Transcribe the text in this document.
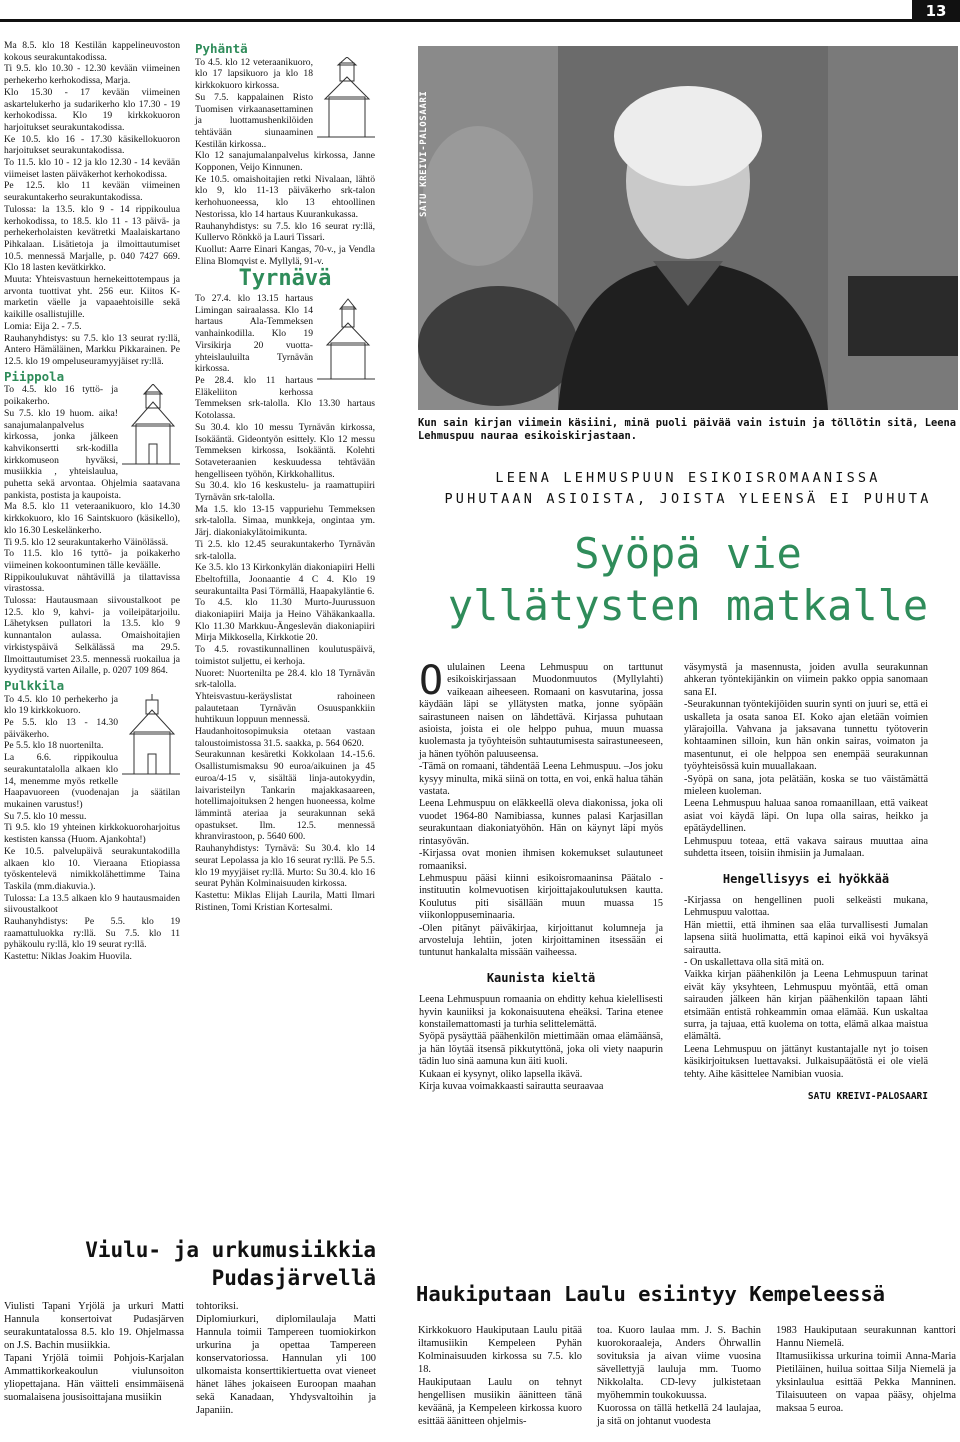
13

Ma 8.5. klo 18 Kestilän kappelineuvoston kokous seurakuntakodissa.

Ti 9.5. klo 10.30 - 12.30 kevään viimeinen perhekerho kerhokodissa, Marja.

Klo 15.30 - 17 kevään viimeinen askartelukerho ja sudarikerho klo 17.30 - 19 kerhokodissa. Klo 19 kirkkokuoron harjoitukset seurakuntakodissa.

Ke 10.5. klo 16 - 17.30 käsikellokuoron harjoitukset seurakuntakodissa.

To 11.5. klo 10 - 12 ja klo 12.30 - 14 kevään viimeiset lasten päiväkerhot kerhokodissa.

Pe 12.5. klo 11 kevään viimeinen seurakuntakerho seurakuntakodissa.

Tulossa: la 13.5. klo 9 - 14 rippikoulua kerhokodissa, to 18.5. klo 11 - 13 päivä- ja perhekerholaisten kevätretki Maalaiskartano Pihkalaan. Lisätietoja ja ilmoittautumiset 10.5. mennessä Marjalle, p. 040 7427 669. Klo 18 lasten kevätkirkko.

Muuta: Yhteisvastuun hernekeittotempaus ja arvonta tuottivat yht. 256 eur. Kiitos K-marketin väelle ja vapaaehtoisille sekä kaikille osallistujille.

Lomia: Eija 2. - 7.5.

Rauhanyhdistys: su 7.5. klo 13 seurat ry:llä, Antero Hämäläinen, Markku Pikkarainen. Pe 12.5. klo 19 ompeluseuramyyjäiset ry:llä.

Piippola

To 4.5. klo 16 tyttö- ja poikakerho.

Su 7.5. klo 19 huom. aika! sanajumalanpalvelus kirkossa, jonka jälkeen kahvikonsertti srk-kodilla kirkkomuseon hyväksi, musiikkia , yhteislaulua, puhetta sekä arvontaa. Ohjelmia saatavana pankista, postista ja kaupoista.

Ma 8.5. klo 11 veteraanikuoro, klo 14.30 kirkkokuoro, klo 16 Saintskuoro (käsikello), klo 16.30 Leskelänkerho.

Ti 9.5. klo 12 seurakuntakerho Väinölässä.

To 11.5. klo 16 tyttö- ja poikakerho viimeinen kokoontuminen tälle keväälle.

Rippikoulukuvat nähtävillä ja tilattavissa virastossa.

Tulossa: Hautausmaan siivoustalkoot pe 12.5. klo 9, kahvi- ja voileipätarjoilu. Lähetyksen pullatori la 13.5. klo 9 kunnantalon aulassa. Omaishoitajien virkistyspäivä Selkälässä ma 29.5. Ilmoittautumiset 23.5. mennessä ruokailua ja kyyditystä varten Ailalle, p. 0207 109 864.

Pulkkila

To 4.5. klo 10 perhekerho ja klo 19 kirkkokuoro.

Pe 5.5. klo 13 - 14.30 päiväkerho.

Pe 5.5. klo 18 nuortenilta.

La 6.6. rippikoulua seurakuntatalolla alkaen klo 14, menemme myös retkelle Haapavuoreen (vuodenajan ja säätilan mukainen varustus!)

Su 7.5. klo 10 messu.

Ti 9.5. klo 19 yhteinen kirkkokuoroharjoitus kestisten kanssa (Huom. Ajankohta!)

Ke 10.5. palvelupäivä seurakuntakodilla alkaen klo 10. Vieraana Etiopiassa työskentelevä nimikkolähettimme Taina Taskila (mm.diakuvia.).

Tulossa: La 13.5 alkaen klo 9 hautausmaiden siivoustalkoot

Rauhanyhdistys: Pe 5.5. klo 19 raamattuluokka ry:llä. Su 7.5. klo 11 pyhäkoulu ry:llä, klo 19 seurat ry:llä.

Kastettu: Niklas Joakim Huovila.

Pyhäntä

To 4.5. klo 12 veteraanikuoro, klo 17 lapsikuoro ja klo 18 kirkkokuoro kirkossa.

Su 7.5. kappalainen Risto Tuomisen virkaanasettaminen ja luottamushenkilöiden tehtävään siunaaminen Kestilän kirkossa..

Klo 12 sanajumalanpalvelus kirkossa, Janne Kopponen, Veijo Kinnunen.

Ke 10.5. omaishoitajien retki Nivalaan, lähtö klo 9, klo 11-13 päiväkerho srk-talon kerhohuoneessa, klo 13 ehtoollinen Nestorissa, klo 14 hartaus Kuurankukassa.

Rauhanyhdistys: su 7.5. klo 16 seurat ry:llä, Kullervo Rönkkö ja Lauri Tissari.

Kuollut: Aarre Einari Kangas, 70-v., ja Vendla Elina Blomqvist e. Myllylä, 91-v.

Tyrnävä

To 27.4. klo 13.15 hartaus Limingan sairaalassa. Klo 14 hartaus Ala-Temmeksen vanhainkodilla. Klo 19 Virsikirja 20 vuotta-yhteislauluilta Tyrnävän kirkossa.

Pe 28.4. klo 11 hartaus Eläkeliiton kerhossa Temmeksen srk-talolla. Klo 13.30 hartaus Kotolassa.

Su 30.4. klo 10 messu Tyrnävän kirkossa, Isokääntä. Gideontyön esittely. Klo 12 messu Temmeksen kirkossa, Isokääntä. Kolehti Sotaveteraanien keskuudessa tehtävään hengelliseen työhön, Kirkkohallitus.

Su 30.4. klo 16 keskustelu- ja raamattupiiri Tyrnävän srk-talolla.

Ma 1.5. klo 13-15 vappuriehu Temmeksen srk-talolla. Simaa, munkkeja, ongintaa ym. Järj. diakoniakylätoimikunta.

Ti 2.5. klo 12.45 seurakuntakerho Tyrnävän srk-talolla.

Ke 3.5. klo 13 Kirkonkylän diakoniapiiri Helli Ebeltoftilla, Joonaantie 4 C 4. Klo 19 seurakuntailta Pasi Törmällä, Haapakyläntie 6.

To 4.5. klo 11.30 Murto-Juurussuon diakoniapiiri Maija ja Heino Vähäkankaalla. Klo 11.30 Markkuu-Ängeslevän diakoniapiiri Mirja Mikkosella, Kirkkotie 20.

To 4.5. rovastikunnallinen koulutuspäivä, toimistot suljettu, ei kerhoja.

Nuoret: Nuortenilta pe 28.4. klo 18 Tyrnävän srk-talolla.

Yhteisvastuu-keräyslistat rahoineen palautetaan Tyrnävän Osuuspankkiin huhtikuun loppuun mennessä.

Haudanhoitosopimuksia otetaan vastaan taloustoimistossa 31.5. saakka, p. 564 0620.

Seurakunnan kesäretki Kokkolaan 14.-15.6. Osallistumismaksu 90 euroa/aikuinen ja 45 euroa/4-15 v, sisältää linja-autokyydin, laivaristeilyn Tankarin majakkasaareen, hotellimajoituksen 2 hengen huoneessa, kolme lämmintä ateriaa ja seurakunnan sekä opastukset. Ilm. 12.5. mennessä khranvirastoon, p. 5640 600.

Rauhanyhdistys: Tyrnävä: Su 30.4. klo 14 seurat Lepolassa ja klo 16 seurat ry:llä. Pe 5.5. klo 19 myyjäiset ry:llä. Murto: Su 30.4. klo 16 seurat Pyhän Kolminaisuuden kirkossa.

Kastettu: Miklas Elijah Laurila, Matti Ilmari Ristinen, Tomi Kristian Kortesalmi.

SATU KREIVI-PALOSAARI
Kun sain kirjan viimein käsiini, minä puoli päivää vain istuin ja töllötin sitä, Leena Lehmuspuu nauraa esikoiskirjastaan.
LEENA LEHMUSPUUN ESIKOISROMAANISSA
PUHUTAAN ASIOISTA, JOISTA YLEENSÄ EI PUHUTA
Syöpä vie
yllätysten matkalle
O ululainen Leena Lehmuspuu on tarttunut esikoiskirjassaan Muodonmuutos (Myllylahti) vaikeaan aiheeseen. Romaani on kasvutarina, jossa käydään läpi se yllätysten matka, jonne syöpään sairastuneen naisen on lähdettävä. Kirjassa puhutaan asioista, joista ei ole helppo puhua, muun muassa kuolemasta ja työyhteisön suhtautumisesta sairastuneeseen, ja hänen työhön paluuseensa.

-Tämä on romaani, tähdentää Leena Lehmuspuu. –Jos joku kysyy minulta, mikä siinä on totta, en voi, enkä halua tähän vastata.

Leena Lehmuspuu on eläkkeellä oleva diakonissa, joka oli vuodet 1964-80 Namibiassa, kunnes palasi Karjasillan seurakuntaan diakoniatyöhön. Hän on käynyt läpi myös rintasyövän.

-Kirjassa ovat monien ihmisen kokemukset sulautuneet romaaniksi.

Lehmuspuu pääsi kiinni esikoisromaaninsa Päätalo -instituutin kolmevuotisen kirjoittajakoulutuksen kautta. Koulutus piti sisällään muun muassa 15 viikonloppuseminaaria.

-Olen pitänyt päiväkirjaa, kirjoittanut kolumneja ja arvosteluja lehtiin, joten kirjoittaminen itsessään ei tuntunut hankalalta missään vaiheessa.

Kaunista kieltä

Leena Lehmuspuun romaania on ehditty kehua kielellisesti hyvin kauniiksi ja kokonaisuutena eheäksi. Tarina etenee konstailemattomasti ja turhia selittelemättä.

Syöpä pysäyttää päähenkilön miettimään omaa elämäänsä, ja hän löytää itsensä pikkutyttönä, joka oli viety naapurin tädin luo sinä aamuna kun äiti kuoli.

Kukaan ei kysynyt, oliko lapsella ikävä.

Kirja kuvaa voimakkaasti sairautta seuraavaa

väsymystä ja masennusta, joiden avulla seurakunnan ahkeran työntekijänkin on viimein pakko oppia sanomaan sana EI.

-Seurakunnan työntekijöiden suurin synti on juuri se, että ei uskalleta ja osata sanoa EI. Koko ajan eletään voimien ylärajoilla. Vahvana ja jaksavana tunnettu työtoverin kohtaaminen silloin, kun hän onkin sairas, voimaton ja masentunut, ei ole helppoa sen enempää seurakunnan työyhteisössä kuin muuallakaan.

-Syöpä on sana, jota pelätään, koska se tuo väistämättä mieleen kuoleman.

Leena Lehmuspuu haluaa sanoa romaanillaan, että vaikeat asiat voi käydä läpi. On lupa olla sairas, heikko ja epätäydellinen.

Lehmuspuu toteaa, että vakava sairaus muuttaa aina suhdetta itseen, toisiin ihmisiin ja Jumalaan.

Hengellisyys ei hyökkää

-Kirjassa on hengellinen puoli selkeästi mukana, Lehmuspuu valottaa.

Hän miettii, että ihminen saa eläa turvallisesti Jumalan lapsena siitä huolimatta, että kapinoi eikä voi hyväksyä sairautta.

- On uskallettava olla sitä mitä on.

Vaikka kirjan päähenkilön ja Leena Lehmuspuun tarinat eivät käy yksyhteen, Lehmuspuu myöntää, että oman sairauden jälkeen hän kirjan päähenkilön tapaan lähti etsimään entistä rohkeammin omaa elämää. Kun uskaltaa surra, ja tajuaa, että kuolema on totta, elämä alkaa maistua elämältä.

Leena Lehmuspuu on jättänyt kustantajalle nyt jo toisen käsikirjoituksen luettavaksi. Julkaisupäätöstä ei ole vielä tehty. Aihe käsittelee Namibian vuosia.

SATU KREIVI-PALOSAARI
Viulu- ja urkumusiikkia
Pudasjärvellä

Viulisti Tapani Yrjölä ja urkuri Matti Hannula konsertoivat Pudasjärven seurakuntatalossa 8.5. klo 19. Ohjelmassa on J.S. Bachin musiikkia.

Tapani Yrjölä toimii Pohjois-Karjalan Ammattikorkeakoulun viulunsoiton yliopettajana. Hän väitteli ensimmäisenä suomalaisena jousisoittajana musiikin

tohtoriksi.

Diplomiurkuri, diplomilaulaja Matti Hannula toimii Tampereen tuomiokirkon urkurina ja opettaa Tampereen konservatoriossa. Hannulan yli 100 ulkomaista konserttikiertuetta ovat vieneet hänet lähes jokaiseen Euroopan maahan sekä Kanadaan, Yhdysvaltoihin ja Japaniin.

Haukiputaan Laulu esiintyy Kempeleessä

Kirkkokuoro Haukiputaan Laulu pitää iltamusiikin Kempeleen Pyhän Kolminaisuuden kirkossa su 7.5. klo 18.

Haukiputaan Laulu on tehnyt hengellisen musiikin äänitteen tänä keväänä, ja Kempeleen kirkossa kuoro esittää äänitteen ohjelmis-

toa. Kuoro laulaa mm. J. S. Bachin kuorokoraaleja, Anders Öhrwallin sovituksia ja aivan viime vuosina sävellettyjä lauluja mm. Tuomo Nikkolalta. CD-levy julkistetaan myöhemmin toukokuussa.

Kuorossa on tällä hetkellä 24 laulajaa, ja sitä on johtanut vuodesta

1983 Haukiputaan seurakunnan kanttori Hannu Niemelä.

Iltamusiikissa urkurina toimii Anna-Maria Pietiläinen, huilua soittaa Silja Niemelä ja yksinlaulua esittää Pekka Manninen. Tilaisuuteen on vapaa pääsy, ohjelma maksaa 5 euroa.
